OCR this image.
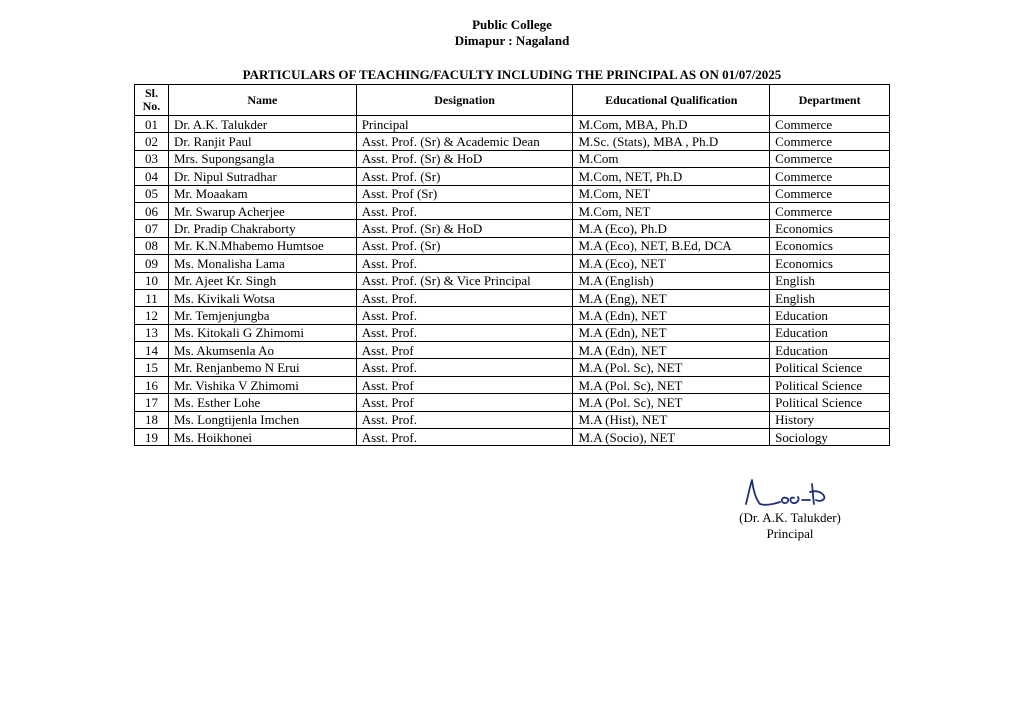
Public College
Dimapur : Nagaland
PARTICULARS OF TEACHING/FACULTY INCLUDING THE PRINCIPAL AS ON 01/07/2025
Sl.
No.	Name	Designation	Educational Qualification	Department
01	Dr. A.K. Talukder	Principal	M.Com, MBA, Ph.D	Commerce
02	Dr. Ranjit Paul	Asst. Prof. (Sr) & Academic Dean	M.Sc. (Stats), MBA , Ph.D	Commerce
03	Mrs. Supongsangla	Asst. Prof. (Sr) & HoD	M.Com	Commerce
04	Dr. Nipul Sutradhar	Asst. Prof. (Sr)	M.Com, NET, Ph.D	Commerce
05	Mr. Moaakam	Asst. Prof (Sr)	M.Com, NET	Commerce
06	Mr. Swarup Acherjee	Asst. Prof.	M.Com, NET	Commerce
07	Dr. Pradip Chakraborty	Asst. Prof. (Sr) & HoD	M.A (Eco), Ph.D	Economics
08	Mr. K.N.Mhabemo Humtsoe	Asst. Prof. (Sr)	M.A (Eco), NET, B.Ed, DCA	Economics
09	Ms. Monalisha Lama	Asst. Prof.	M.A (Eco), NET	Economics
10	Mr. Ajeet Kr. Singh	Asst. Prof. (Sr) & Vice Principal	M.A (English)	English
11	Ms. Kivikali Wotsa	Asst. Prof.	M.A (Eng), NET	English
12	Mr. Temjenjungba	Asst. Prof.	M.A (Edn), NET	Education
13	Ms. Kitokali G Zhimomi	Asst. Prof.	M.A (Edn), NET	Education
14	Ms. Akumsenla Ao	Asst. Prof	M.A (Edn), NET	Education
15	Mr. Renjanbemo N Erui	Asst. Prof.	M.A (Pol. Sc), NET	Political Science
16	Mr. Vishika V Zhimomi	Asst. Prof	M.A (Pol. Sc), NET	Political Science
17	Ms. Esther Lohe	Asst. Prof	M.A (Pol. Sc), NET	Political Science
18	Ms. Longtijenla Imchen	Asst. Prof.	M.A (Hist), NET	History
19	Ms. Hoikhonei	Asst. Prof.	M.A (Socio), NET	Sociology
(Dr. A.K. Talukder)
Principal
